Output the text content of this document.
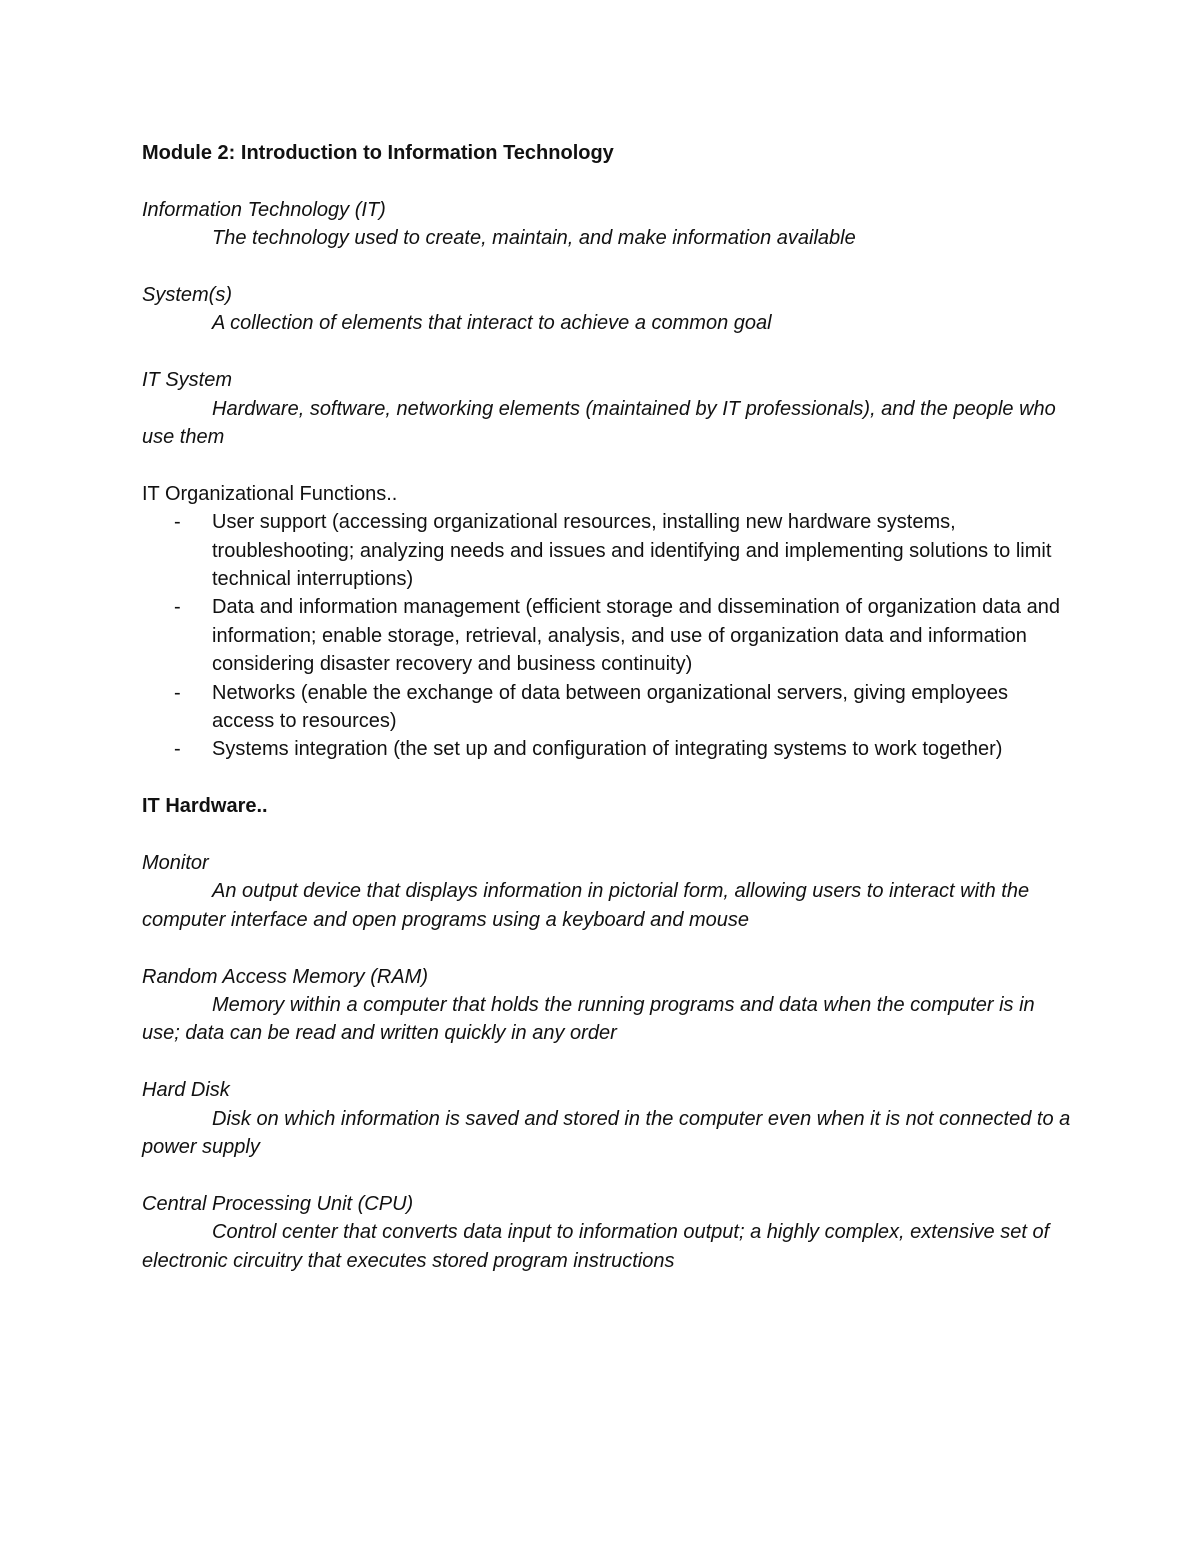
Module 2: Introduction to Information Technology

Information Technology (IT)

The technology used to create, maintain, and make information available

System(s)

A collection of elements that interact to achieve a common goal

IT System

Hardware, software, networking elements (maintained by IT professionals), and the people who use them

IT Organizational Functions..

- User support (accessing organizational resources, installing new hardware systems, troubleshooting; analyzing needs and issues and identifying and implementing solutions to limit technical interruptions)
- Data and information management (efficient storage and dissemination of organization data and information; enable storage, retrieval, analysis, and use of organization data and information considering disaster recovery and business continuity)
- Networks (enable the exchange of data between organizational servers, giving employees access to resources)
- Systems integration (the set up and configuration of integrating systems to work together)

IT Hardware..

Monitor

An output device that displays information in pictorial form, allowing users to interact with the computer interface and open programs using a keyboard and mouse

Random Access Memory (RAM)

Memory within a computer that holds the running programs and data when the computer is in use; data can be read and written quickly in any order

Hard Disk

Disk on which information is saved and stored in the computer even when it is not connected to a power supply

Central Processing Unit (CPU)

Control center that converts data input to information output; a highly complex, extensive set of electronic circuitry that executes stored program instructions
